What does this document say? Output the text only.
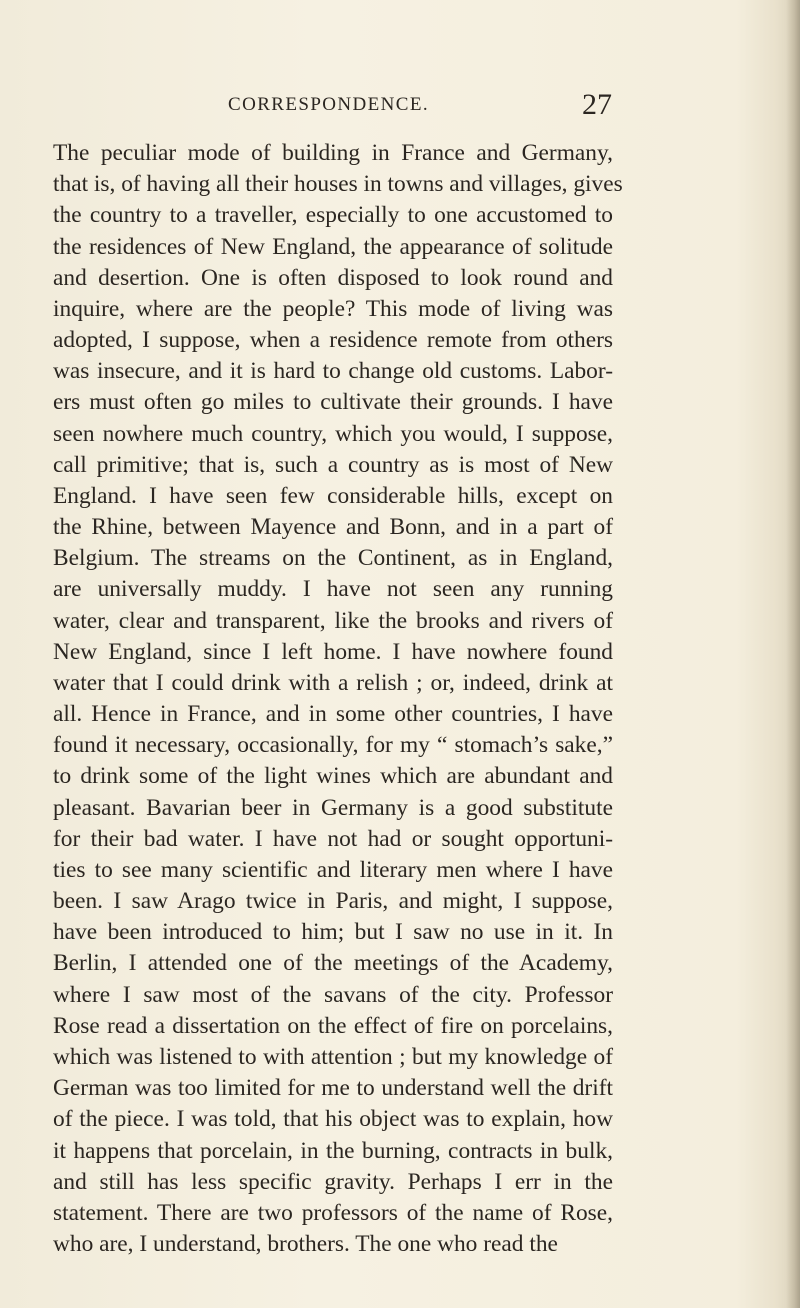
CORRESPONDENCE.	27
The peculiar mode of building in France and Germany,
that is, of having all their houses in towns and villages, gives
the country to a traveller, especially to one accustomed to
the residences of New England, the appearance of solitude
and desertion. One is often disposed to look round and
inquire, where are the people? This mode of living was
adopted, I suppose, when a residence remote from others
was insecure, and it is hard to change old customs. Labor-
ers must often go miles to cultivate their grounds. I have
seen nowhere much country, which you would, I suppose,
call primitive; that is, such a country as is most of New
England. I have seen few considerable hills, except on
the Rhine, between Mayence and Bonn, and in a part of
Belgium. The streams on the Continent, as in England,
are universally muddy. I have not seen any running
water, clear and transparent, like the brooks and rivers of
New England, since I left home. I have nowhere found
water that I could drink with a relish ; or, indeed, drink at
all. Hence in France, and in some other countries, I have
found it necessary, occasionally, for my “ stomach’s sake,”
to drink some of the light wines which are abundant and
pleasant. Bavarian beer in Germany is a good substitute
for their bad water. I have not had or sought opportuni-
ties to see many scientific and literary men where I have
been. I saw Arago twice in Paris, and might, I suppose,
have been introduced to him; but I saw no use in it. In
Berlin, I attended one of the meetings of the Academy,
where I saw most of the savans of the city. Professor
Rose read a dissertation on the effect of fire on porcelains,
which was listened to with attention ; but my knowledge of
German was too limited for me to understand well the drift
of the piece. I was told, that his object was to explain, how
it happens that porcelain, in the burning, contracts in bulk,
and still has less specific gravity. Perhaps I err in the
statement. There are two professors of the name of Rose,
who are, I understand, brothers. The one who read the
